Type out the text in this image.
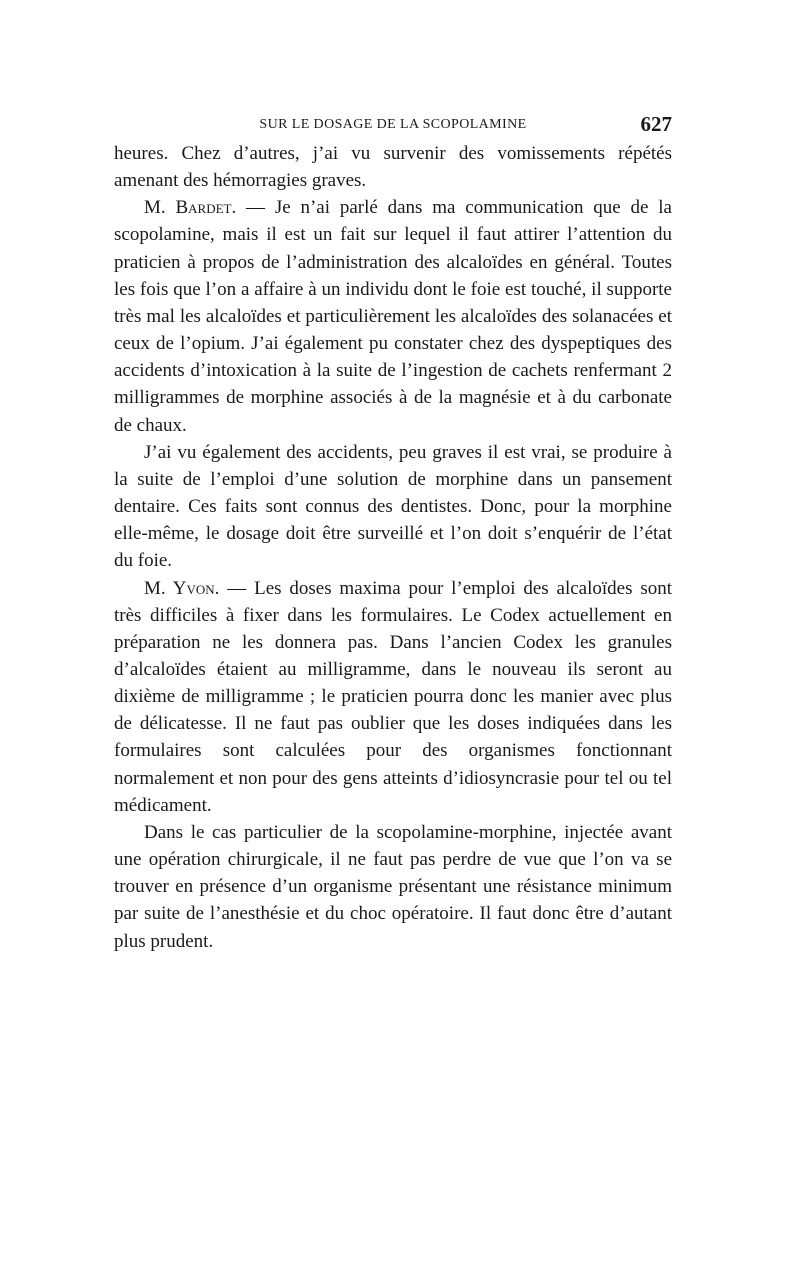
SUR LE DOSAGE DE LA SCOPOLAMINE	627

heures. Chez d’autres, j’ai vu survenir des vomissements répétés amenant des hémorragies graves.

M. Bardet. — Je n’ai parlé dans ma communication que de la scopolamine, mais il est un fait sur lequel il faut attirer l’attention du praticien à propos de l’administration des alcaloïdes en général. Toutes les fois que l’on a affaire à un individu dont le foie est touché, il supporte très mal les alcaloïdes et particulièrement les alcaloïdes des solanacées et ceux de l’opium. J’ai également pu constater chez des dyspeptiques des accidents d’intoxication à la suite de l’ingestion de cachets renfermant 2 milligrammes de morphine associés à de la magnésie et à du carbonate de chaux.

J’ai vu également des accidents, peu graves il est vrai, se produire à la suite de l’emploi d’une solution de morphine dans un pansement dentaire. Ces faits sont connus des dentistes. Donc, pour la morphine elle-même, le dosage doit être surveillé et l’on doit s’enquérir de l’état du foie.

M. Yvon. — Les doses maxima pour l’emploi des alcaloïdes sont très difficiles à fixer dans les formulaires. Le Codex actuellement en préparation ne les donnera pas. Dans l’ancien Codex les granules d’alcaloïdes étaient au milligramme, dans le nouveau ils seront au dixième de milligramme ; le praticien pourra donc les manier avec plus de délicatesse. Il ne faut pas oublier que les doses indiquées dans les formulaires sont calculées pour des organismes fonctionnant normalement et non pour des gens atteints d’idiosyncrasie pour tel ou tel médicament.

Dans le cas particulier de la scopolamine-morphine, injectée avant une opération chirurgicale, il ne faut pas perdre de vue que l’on va se trouver en présence d’un organisme présentant une résistance minimum par suite de l’anesthésie et du choc opératoire. Il faut donc être d’autant plus prudent.
